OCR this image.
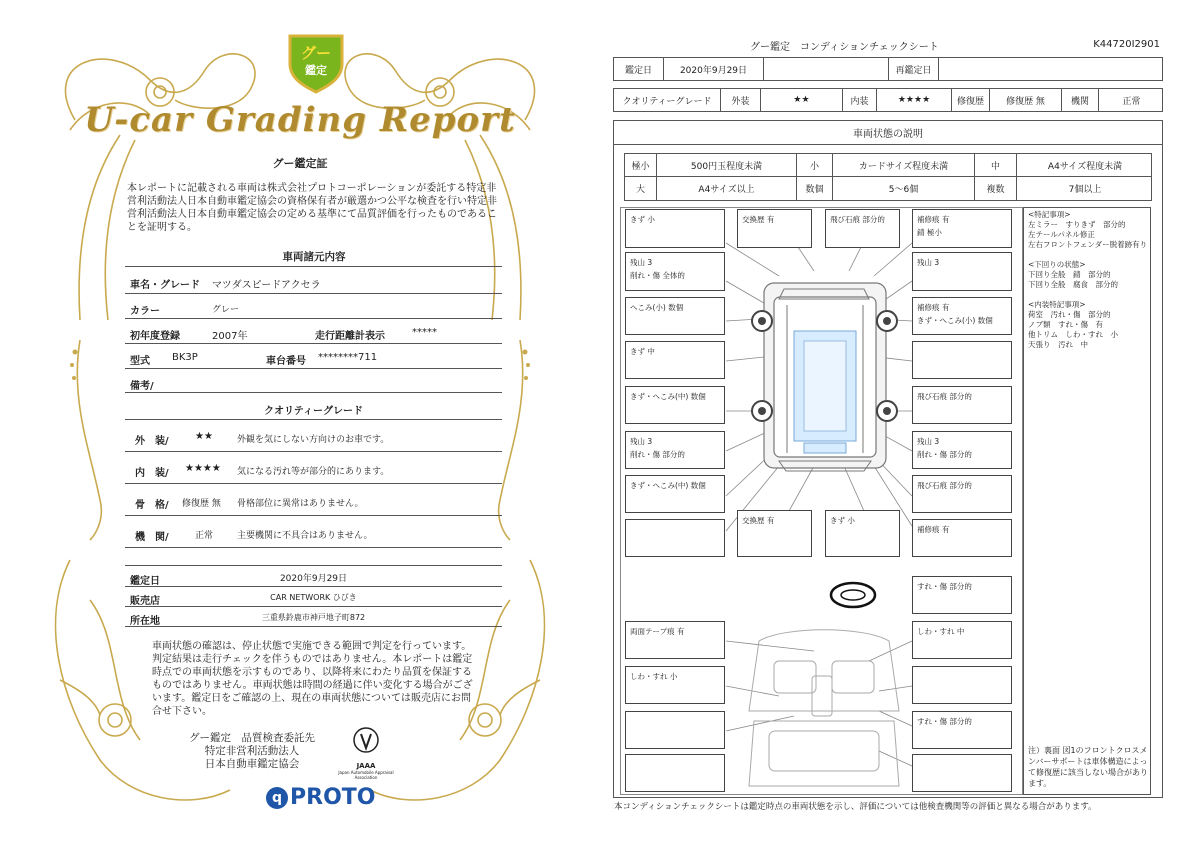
グー
鑑定
U-car Grading Report
グー鑑定証
本レポートに記載される車両は株式会社プロトコーポレーションが委託する特定非営利活動法人日本自動車鑑定協会の資格保有者が厳選かつ公平な検査を行い特定非営利活動法人日本自動車鑑定協会の定める基準にて品質評価を行ったものであることを証明する。
車両諸元内容
車名・グレード マツダスピードアクセラ
カラー	グレー
初年度登録	2007年	走行距離計表示	*****
型式 BK3P	車台番号 ********711
備考/
クオリティーグレード
外　装/	★★	外観を気にしない方向けのお車です。
内　装/ ★★★★ 気になる汚れ等が部分的にあります。
骨　格/ 修復歴 無 骨格部位に異常はありません。
機　関/	正常	主要機関に不具合はありません。
鑑定日	2020年9月29日
販売店	CAR NETWORK ひびき
所在地	三重県鈴鹿市神戸地子町872
車両状態の確認は、停止状態で実施できる範囲で判定を行っています。判定結果は走行チェックを伴うものではありません。本レポートは鑑定時点での車両状態を示すものであり、以降将来にわたり品質を保証するものではありません。車両状態は時間の経過に伴い変化する場合がございます。鑑定日をご確認の上、現在の車両状態については販売店にお問合せ下さい。
グー鑑定　品質検査委託先
特定非営利活動法人
日本自動車鑑定協会	JAAA
Japan Automobile Appraisal Association
q PROTO
グー鑑定　コンディションチェックシート	K44720I2901
鑑定日	2020年9月29日	再鑑定日
クオリティーグレード	外装	★★	内装	★★★★	修復歴	修復歴 無	機関	正常
車両状態の説明
極小	500円玉程度未満	小	カードサイズ程度未満	中	A4サイズ程度未満
大	A4サイズ以上	数個	5～6個	複数	7個以上
きず 小
残山 3
削れ・傷 全体的
へこみ(小) 数個
きず 中
きず・へこみ(中) 数個
残山 3
削れ・傷 部分的
きず・へこみ(中) 数個
両面テープ痕 有
しわ・すれ 小
交換歴 有	飛び石痕 部分的
交換歴 有	きず 小
補修痕 有
錆 極小
残山 3
補修痕 有
きず・へこみ(小) 数個
飛び石痕 部分的
残山 3
削れ・傷 部分的
飛び石痕 部分的
補修痕 有
すれ・傷 部分的
しわ・すれ 中
すれ・傷 部分的
<特記事項>
左ミラー　すりきず　部分的
左テールパネル修正
左右フロントフェンダー脱着跡有り
<下回りの状態>
下回り全般　錆　部分的
下回り全般　腐食　部分的
<内装特記事項>
荷室　汚れ・傷　部分的
ノブ類　すれ・傷　有
他トリム　しわ・すれ　小
天張り　汚れ　中
注）裏面 図1のフロントクロスメンバーサポートは車体構造によって修復歴に該当しない場合があります。
本コンディションチェックシートは鑑定時点の車両状態を示し、評価については他検査機関等の評価と異なる場合があります。
